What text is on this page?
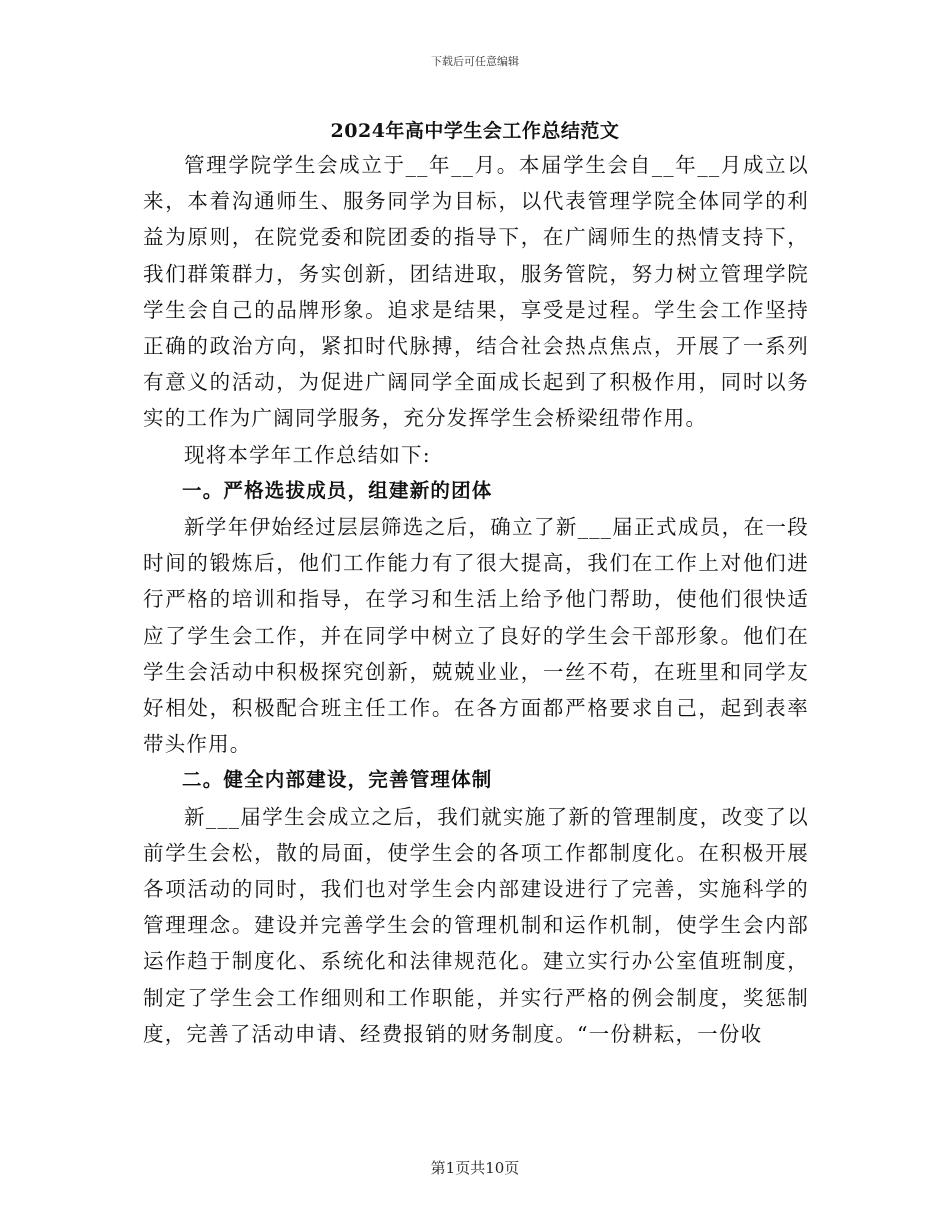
下载后可任意编辑
2024年高中学生会工作总结范文

管理学院学生会成立于__年__月。本届学生会自__年__月成立以来，本着沟通师生、服务同学为目标，以代表管理学院全体同学的利益为原则，在院党委和院团委的指导下，在广阔师生的热情支持下，我们群策群力，务实创新，团结进取，服务管院，努力树立管理学院学生会自己的品牌形象。追求是结果，享受是过程。学生会工作坚持正确的政治方向，紧扣时代脉搏，结合社会热点焦点，开展了一系列有意义的活动，为促进广阔同学全面成长起到了积极作用，同时以务实的工作为广阔同学服务，充分发挥学生会桥梁纽带作用。

现将本学年工作总结如下:

一。严格选拔成员，组建新的团体

新学年伊始经过层层筛选之后，确立了新___届正式成员，在一段时间的锻炼后，他们工作能力有了很大提高，我们在工作上对他们进行严格的培训和指导，在学习和生活上给予他门帮助，使他们很快适应了学生会工作，并在同学中树立了良好的学生会干部形象。他们在学生会活动中积极探究创新，兢兢业业，一丝不苟，在班里和同学友好相处，积极配合班主任工作。在各方面都严格要求自己，起到表率带头作用。

二。健全内部建设，完善管理体制

新___届学生会成立之后，我们就实施了新的管理制度，改变了以前学生会松，散的局面，使学生会的各项工作都制度化。在积极开展各项活动的同时，我们也对学生会内部建设进行了完善，实施科学的管理理念。建设并完善学生会的管理机制和运作机制，使学生会内部运作趋于制度化、系统化和法律规范化。建立实行办公室值班制度，制定了学生会工作细则和工作职能，并实行严格的例会制度，奖惩制度，完善了活动申请、经费报销的财务制度。“一份耕耘，一份收

第1页共10页
